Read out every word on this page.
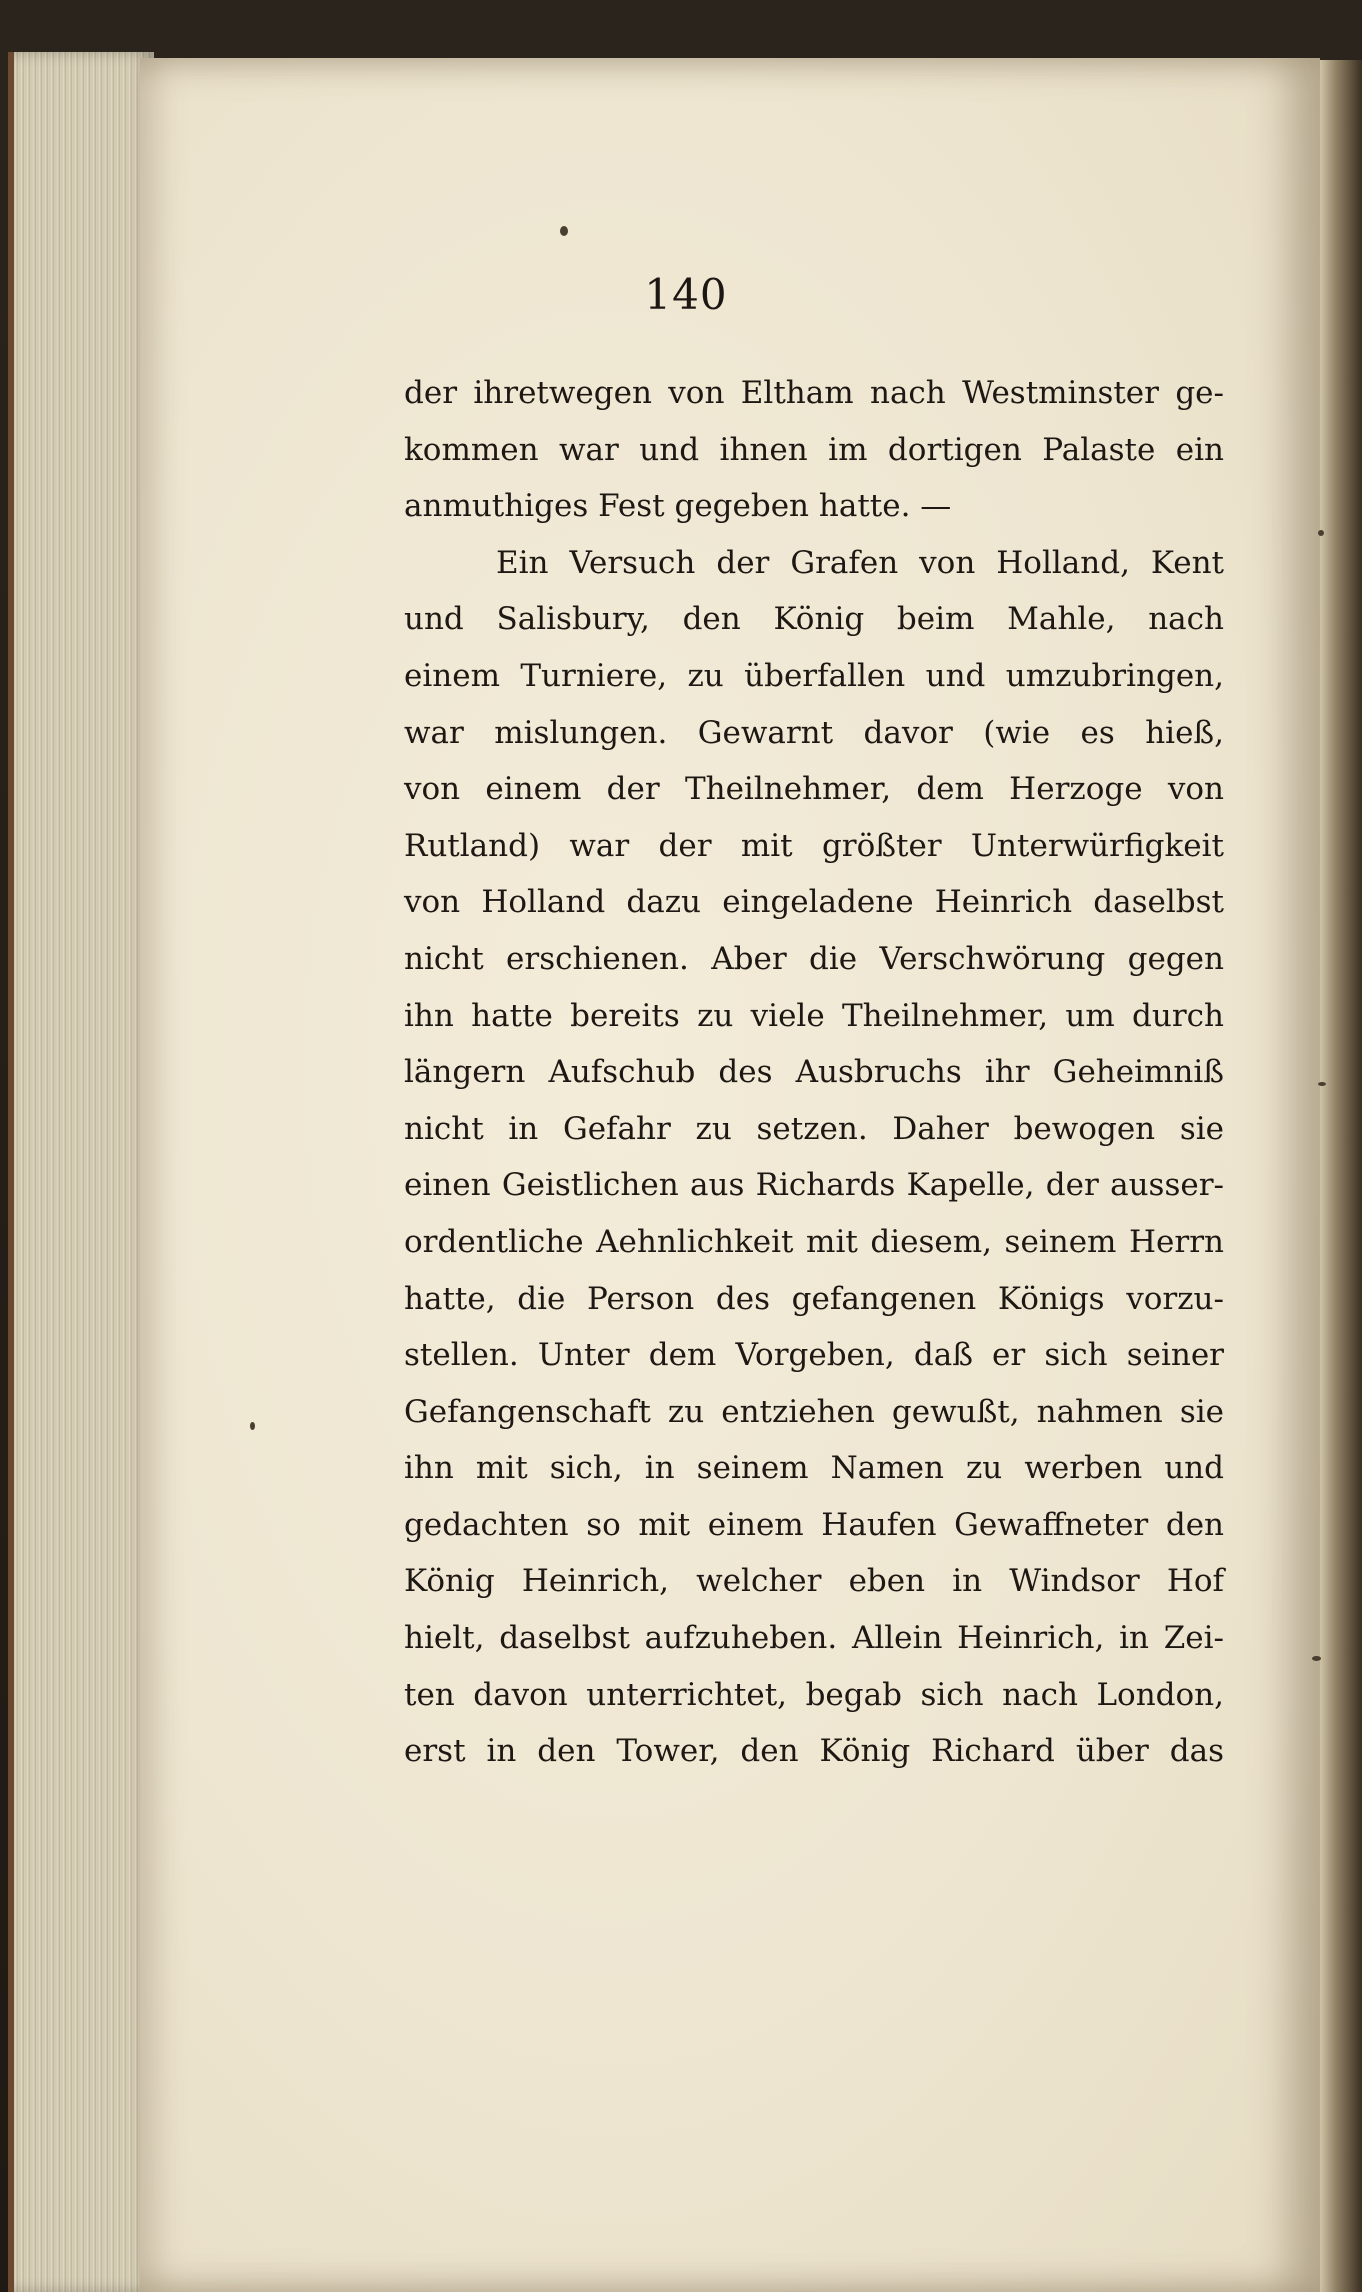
140
der ihretwegen von Eltham nach Westminster ge-
kommen war und ihnen im dortigen Palaste ein
anmuthiges Fest gegeben hatte. —
Ein Versuch der Grafen von Holland, Kent
und Salisbury, den König beim Mahle, nach
einem Turniere, zu überfallen und umzubringen,
war mislungen. Gewarnt davor (wie es hieß,
von einem der Theilnehmer, dem Herzoge von
Rutland) war der mit größter Unterwürfigkeit
von Holland dazu eingeladene Heinrich daselbst
nicht erschienen. Aber die Verschwörung gegen
ihn hatte bereits zu viele Theilnehmer, um durch
längern Aufschub des Ausbruchs ihr Geheimniß
nicht in Gefahr zu setzen. Daher bewogen sie
einen Geistlichen aus Richards Kapelle, der ausser-
ordentliche Aehnlichkeit mit diesem, seinem Herrn
hatte, die Person des gefangenen Königs vorzu-
stellen. Unter dem Vorgeben, daß er sich seiner
Gefangenschaft zu entziehen gewußt, nahmen sie
ihn mit sich, in seinem Namen zu werben und
gedachten so mit einem Haufen Gewaffneter den
König Heinrich, welcher eben in Windsor Hof
hielt, daselbst aufzuheben. Allein Heinrich, in Zei-
ten davon unterrichtet, begab sich nach London,
erst in den Tower, den König Richard über das
